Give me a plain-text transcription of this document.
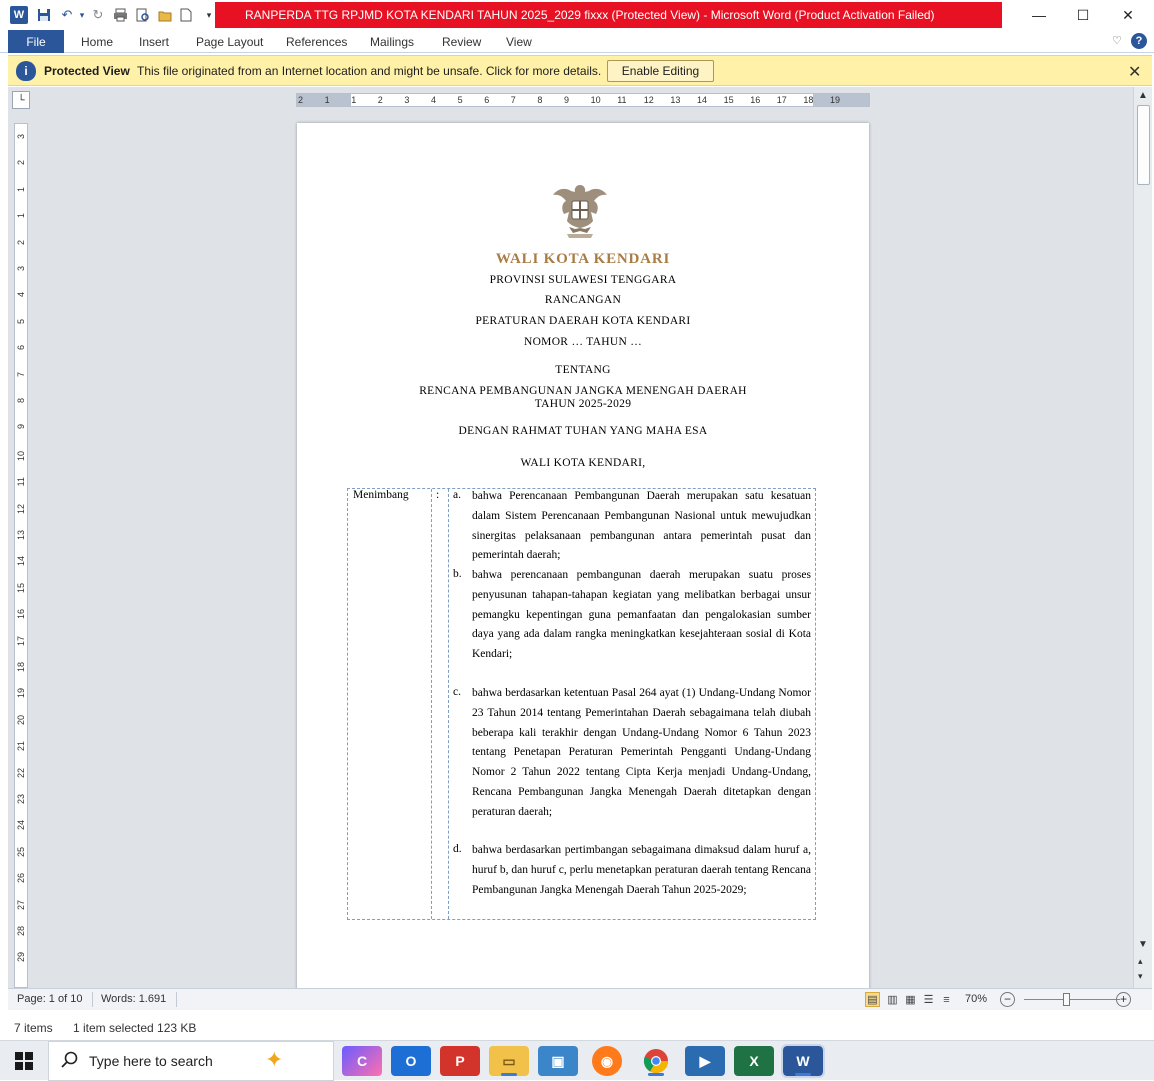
W	↶ ▾ ↻	▾	RANPERDA TTG RPJMD KOTA KENDARI TAHUN 2025_2029 fixxx (Protected View) - Microsoft Word (Product Activation Failed)	— ☐ ✕
File	Home Insert Page Layout References Mailings Review View	♡	?
i	Protected View This file originated from an Internet location and might be unsafe. Click for more details.	Enable Editing	✕
└	2 1 1 2 3 4 5 6 7 8 9 10 11 12 13 14 15 16 17 18 19
3
2
1
1
2
3
4
5
6
7
8
9
10
11
12
13
14
15
16
17
18
19
20
21
22
23
24
25
26
27
28
29
▲
▼
▴
▾
WALI KOTA KENDARI
PROVINSI SULAWESI TENGGARA
RANCANGAN
PERATURAN DAERAH KOTA KENDARI
NOMOR … TAHUN …
TENTANG
RENCANA PEMBANGUNAN JANGKA MENENGAH DAERAH
TAHUN 2025-2029
DENGAN RAHMAT TUHAN YANG MAHA ESA
WALI KOTA KENDARI,
Menimbang : a. bahwa Perencanaan Pembangunan Daerah merupakan satu kesatuan dalam Sistem Perencanaan Pembangunan Nasional untuk mewujudkan sinergitas pelaksanaan pembangunan antara pemerintah pusat dan pemerintah daerah;
b. bahwa perencanaan pembangunan daerah merupakan suatu proses penyusunan tahapan-tahapan kegiatan yang melibatkan berbagai unsur pemangku kepentingan guna pemanfaatan dan pengalokasian sumber daya yang ada dalam rangka meningkatkan kesejahteraan sosial di Kota Kendari;
c. bahwa berdasarkan ketentuan Pasal 264 ayat (1) Undang-Undang Nomor 23 Tahun 2014 tentang Pemerintahan Daerah sebagaimana telah diubah beberapa kali terakhir dengan Undang-Undang Nomor 6 Tahun 2023 tentang Penetapan Peraturan Pemerintah Pengganti Undang-Undang Nomor 2 Tahun 2022 tentang Cipta Kerja menjadi Undang-Undang, Rencana Pembangunan Jangka Menengah Daerah ditetapkan dengan peraturan daerah;
d. bahwa berdasarkan pertimbangan sebagaimana dimaksud dalam huruf a, huruf b, dan huruf c, perlu menetapkan peraturan daerah tentang Rencana Pembangunan Jangka Menengah Daerah Tahun 2025-2029;
Page: 1 of 10 Words: 1.691	▤ ▥ ▦ ☰ ≡	70%	−	+
7 items 1 item selected 123 KB
Type here to search ✦	C	O	P	▭	▣	◉	▶	X	W
